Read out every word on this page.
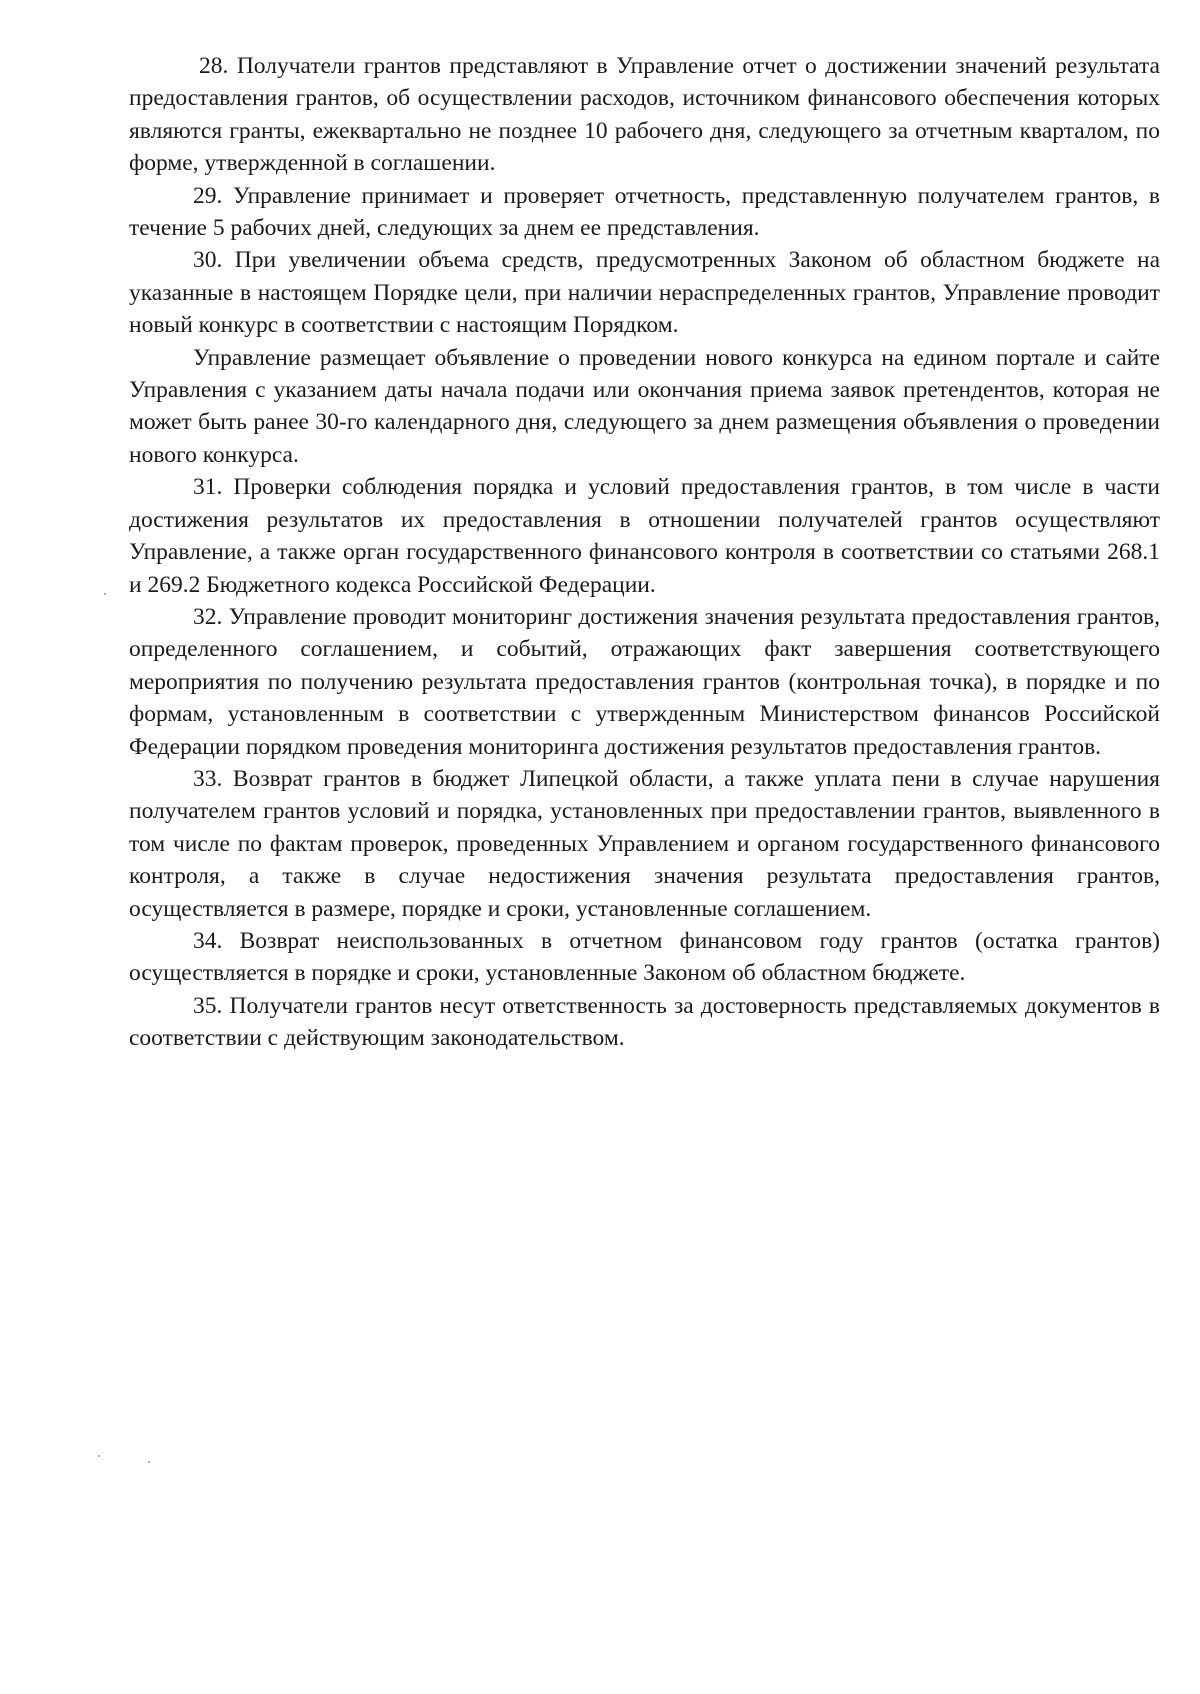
28. Получатели грантов представляют в Управление отчет о достижении значений результата предоставления грантов, об осуществлении расходов, источником финансового обеспечения которых являются гранты, ежеквартально не позднее 10 рабочего дня, следующего за отчетным кварталом, по форме, утвержденной в соглашении.

29. Управление принимает и проверяет отчетность, представленную получателем грантов, в течение 5 рабочих дней, следующих за днем ее представления.

30. При увеличении объема средств, предусмотренных Законом об областном бюджете на указанные в настоящем Порядке цели, при наличии нераспределенных грантов, Управление проводит новый конкурс в соответствии с настоящим Порядком.

Управление размещает объявление о проведении нового конкурса на едином портале и сайте Управления с указанием даты начала подачи или окончания приема заявок претендентов, которая не может быть ранее 30-го календарного дня, следующего за днем размещения объявления о проведении нового конкурса.

31. Проверки соблюдения порядка и условий предоставления грантов, в том числе в части достижения результатов их предоставления в отношении получателей грантов осуществляют Управление, а также орган государственного финансового контроля в соответствии со статьями 268.1 и 269.2 Бюджетного кодекса Российской Федерации.

32. Управление проводит мониторинг достижения значения результата предоставления грантов, определенного соглашением, и событий, отражающих факт завершения соответствующего мероприятия по получению результата предоставления грантов (контрольная точка), в порядке и по формам, установленным в соответствии с утвержденным Министерством финансов Российской Федерации порядком проведения мониторинга достижения результатов предоставления грантов.

33. Возврат грантов в бюджет Липецкой области, а также уплата пени в случае нарушения получателем грантов условий и порядка, установленных при предоставлении грантов, выявленного в том числе по фактам проверок, проведенных Управлением и органом государственного финансового контроля, а также в случае недостижения значения результата предоставления грантов, осуществляется в размере, порядке и сроки, установленные соглашением.

34. Возврат неиспользованных в отчетном финансовом году грантов (остатка грантов) осуществляется в порядке и сроки, установленные Законом об областном бюджете.

35. Получатели грантов несут ответственность за достоверность представляемых документов в соответствии с действующим законодательством.
